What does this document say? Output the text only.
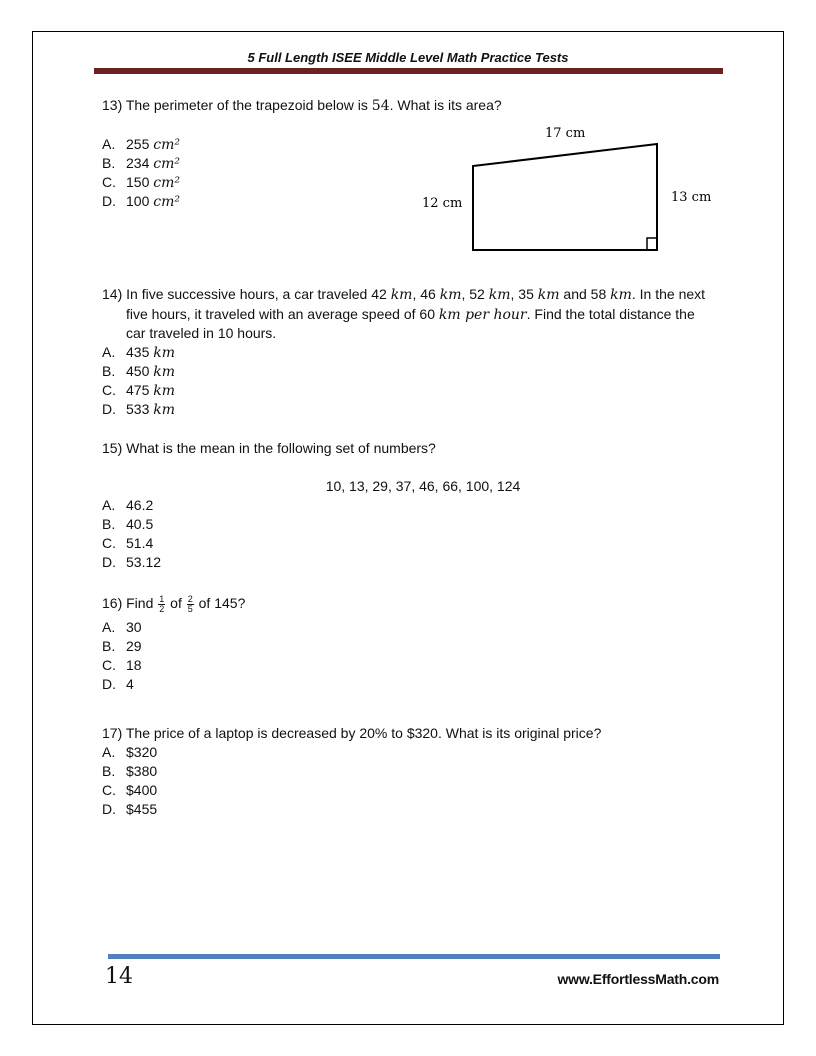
5 Full Length ISEE Middle Level Math Practice Tests
13) The perimeter of the trapezoid below is 54. What is its area?
A. 255 cm²
B. 234 cm²
C. 150 cm²
D. 100 cm²
17 cm
12 cm	13 cm
14) In five successive hours, a car traveled 42 km, 46 km, 52 km, 35 km and 58 km. In the next
five hours, it traveled with an average speed of 60 km per hour. Find the total distance the
car traveled in 10 hours.
A. 435 km
B. 450 km
C. 475 km
D. 533 km
15) What is the mean in the following set of numbers?
10, 13, 29, 37, 46, 66, 100, 124
A. 46.2
B. 40.5
C. 51.4
D. 53.12
16) Find $\frac{1}{2}$ of $\frac{2}{5}$ of 145?
A. 30
B. 29
C. 18
D. 4
17) The price of a laptop is decreased by 20% to $320. What is its original price?
A. $320
B. $380
C. $400
D. $455
14	www.EffortlessMath.com
